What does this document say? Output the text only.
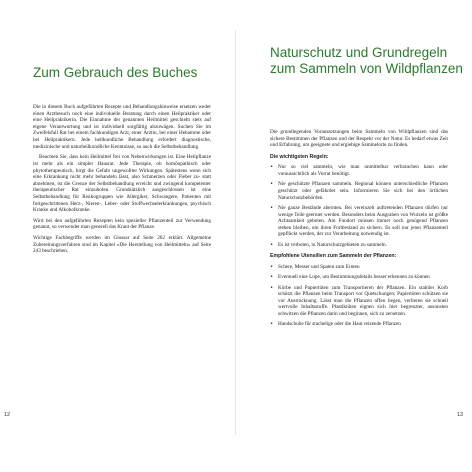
Zum Gebrauch des Buches

Die in diesem Buch aufgeführten Rezepte und Behandlungshinweise ersetzen weder einen Arztbesuch noch eine individuelle Beratung durch einen Heilpraktiker oder eine Heilpraktikerin. Die Einnahme der genannten Heilmittel geschieht stets auf eigene Verantwortung und ist individuell sorgfältig abzuwägen. Suchen Sie im Zweifelsfall Rat bei einem fachkundigen Arzt, einer Ärztin, bei einer Hebamme oder bei Heilpraktikern. Jede heilkundliche Behandlung erfordert diagnostische, medizinische und naturheilkundliche Kenntnisse, so auch die Selbstbehandlung.

Beachten Sie, dass kein Heilmittel frei von Nebenwirkungen ist. Eine Heilpflanze ist mehr als ein simpler Hausrat. Jede Therapie, ob homöopathisch oder phytotherapeutisch, birgt die Gefahr ungewollter Wirkungen. Spätestens wenn sich eine Erkrankung nicht mehr behandeln lässt, also Schmerzen oder Fieber zu- statt abnehmen, ist die Grenze der Selbstbehandlung erreicht und zwingend kompetenter therapeutischer Rat einzuholen. Grundsätzlich ausgeschlossen ist eine Selbstbehandlung für Risikogruppen wie Allergiker, Schwangere, Patienten mit fortgeschrittenen Herz-, Nieren-, Leber- oder Stoffwechselerkrankungen, psychisch Kranke und Alkoholkranke.

Wird bei den aufgeführten Rezepten kein spezieller Pflanzenteil zur Verwendung genannt, so verwendet man generell das Kraut der Pflanze.

Wichtige Fachbegriffe werden im Glossar auf Seite 262 erklärt. Allgemeine Zubereitungsverfahren sind im Kapitel »Die Herstellung von Heilmitteln« auf Seite 243 beschrieben.

12
Naturschutz und Grundregeln zum Sammeln von Wildpflanzen

Die grundlegenden Voraussetzungen beim Sammeln von Wildpflanzen sind das sichere Bestimmen der Pflanzen und der Respekt vor der Natur. Es bedarf etwas Zeit und Erfahrung, um geeignete und ergiebige Sammelorte zu finden.

Die wichtigsten Regeln:
• Nur so viel sammeln, wie man unmittelbar verbrauchen kann oder voraussichtlich als Vorrat benötigt.
• Nie geschützte Pflanzen sammeln. Regional können unterschiedliche Pflanzen geschützt oder gefährdet sein. Informieren Sie sich bei den örtlichen Naturschutzbehörden.
• Nie ganze Bestände abernten. Bei vereinzelt auftretenden Pflanzen dürfen nur wenige Teile geerntet werden. Besonders beim Ausgraben von Wurzeln ist größte Achtsamkeit geboten. Am Fundort müssen immer noch genügend Pflanzen stehen bleiben, um ihren Fortbestand zu sichern. Es soll nur jener Pflanzenteil gepflückt werden, der zur Verarbeitung notwendig ist.
• Es ist verboten, in Naturschutzgebieten zu sammeln.
Empfohlene Utensilien zum Sammeln der Pflanzen:
• Schere, Messer und Spaten zum Ernten
• Eventuell eine Lupe, um Bestimmungsdetails besser erkennen zu können
• Körbe und Papiertüten zum Transportieren der Pflanzen. Ein stabiler Korb schützt die Pflanzen beim Transport vor Quetschungen; Papiertüten schützen sie vor Austrocknung. Lässt man die Pflanzen offen liegen, verlieren sie schnell wertvolle Inhaltsstoffe. Plastiktüten eignen sich hier begrenzter, ansonsten schwitzen die Pflanzen darin und beginnen, sich zu zersetzen.
• Handschuhe für stachelige oder die Haut reizende Pflanzen
13
